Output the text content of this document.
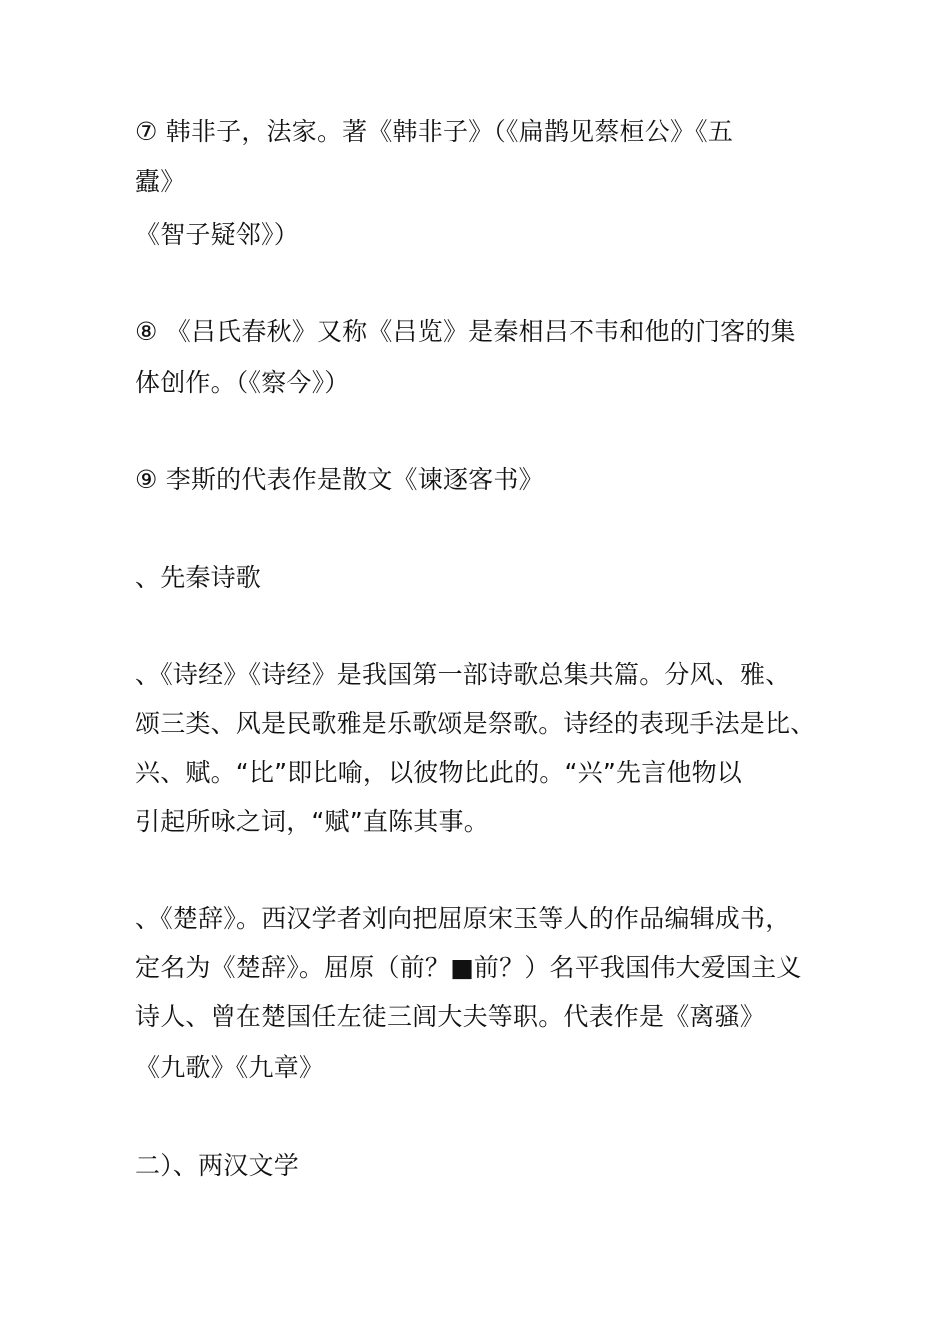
⑦ 韩非子，法家。著《韩非子》（《扁鹊见蔡桓公》《五
蠹》
《智子疑邻》）
⑧ 《吕氏春秋》又称《吕览》是秦相吕不韦和他的门客的集
体创作。（《察今》）
⑨ 李斯的代表作是散文《谏逐客书》
、先秦诗歌
、《诗经》《诗经》是我国第一部诗歌总集共篇。分风、雅、
颂三类、风是民歌雅是乐歌颂是祭歌。诗经的表现手法是比、
兴、赋。“比”即比喻，以彼物比此的。“兴”先言他物以
引起所咏之词，“赋”直陈其事。
、《楚辞》。西汉学者刘向把屈原宋玉等人的作品编辑成书，
定名为《楚辞》。屈原（前？■前？）名平我国伟大爱国主义
诗人、曾在楚国任左徒三闾大夫等职。代表作是《离骚》
《九歌》《九章》
二）、两汉文学
